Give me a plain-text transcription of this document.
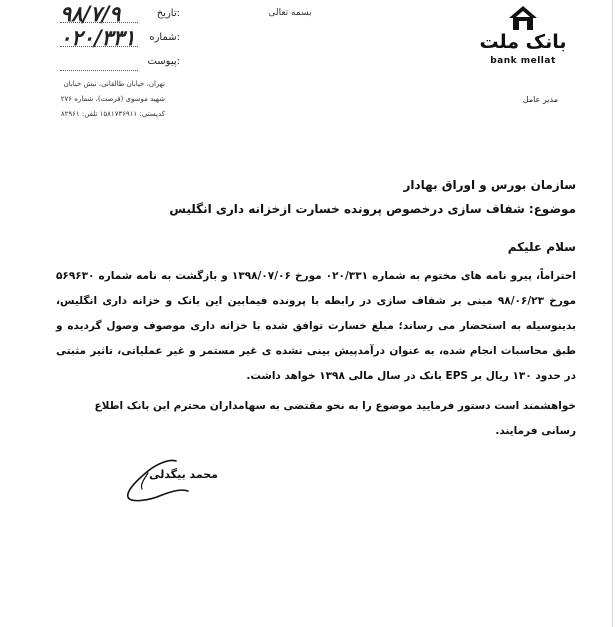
۹۸/۷/۹	تاریخ:
۰۲۰/۳۳۱ شماره:
پیوست:
تهران، خیابان طالقانی، نبش خیابان
شهید موسوی (فرصت)، شماره ۲۷۶
کدپستی: ۱۵۸۱۷۳۶۹۱۱ تلفن: ۸۲۹۶۱
بسمه تعالی
بانک ملت
bank mellat
مدیر عامل
سازمان بورس و اوراق بهادار
موضوع: شفاف سازی درخصوص پرونده خسارت ازخزانه داری انگلیس
سلام علیکم
احتراماً، پیرو نامه های مختوم به شماره ۰۲۰/۳۳۱ مورخ ۱۳۹۸/۰۷/۰۶ و بازگشت به نامه شماره ۵۶۹۶۳۰ مورخ ۹۸/۰۶/۲۳ مبنی بر شفاف سازی در رابطه با پرونده فیمابین این بانک و خزانه داری انگلیس، بدینوسیله به استحضار می رساند؛ مبلغ خسارت توافق شده با خزانه داری موصوف وصول گردیده و طبق محاسبات انجام شده، به عنوان درآمدپیش بینی نشده ی غیر مستمر و غیر عملیاتی، تاثیر مثبتی در حدود ۱۳۰ ریال بر EPS بانک در سال مالی ۱۳۹۸ خواهد داشت.
خواهشمند است دستور فرمایید موضوع را به نحو مقتضی به سهامداران محترم این بانک اطلاع رسانی فرمایند.
محمد بیگدلی
